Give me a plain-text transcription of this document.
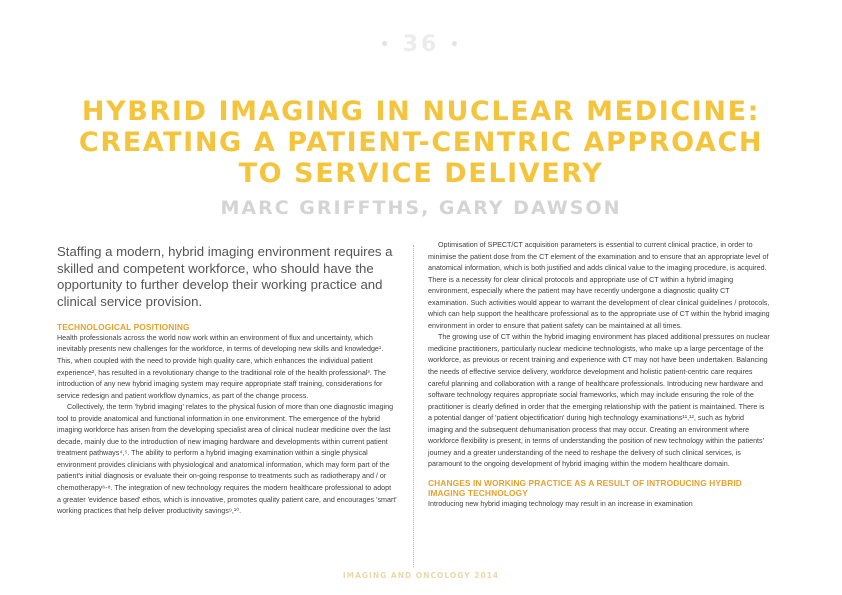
• 36 •
HYBRID IMAGING IN NUCLEAR MEDICINE:
CREATING A PATIENT-CENTRIC APPROACH
TO SERVICE DELIVERY
MARC GRIFFTHS, GARY DAWSON

Staffing a modern, hybrid imaging environment requires a skilled and competent workforce, who should have the opportunity to further develop their working practice and clinical service provision.

TECHNOLOGICAL POSITIONING

Health professionals across the world now work within an environment of flux and uncertainty, which inevitably presents new challenges for the workforce, in terms of developing new skills and knowledge¹. This, when coupled with the need to provide high quality care, which enhances the individual patient experience², has resulted in a revolutionary change to the traditional role of the health professional³. The introduction of any new hybrid imaging system may require appropriate staff training, considerations for service redesign and patient workflow dynamics, as part of the change process.

Collectively, the term 'hybrid imaging' relates to the physical fusion of more than one diagnostic imaging tool to provide anatomical and functional information in one environment. The emergence of the hybrid imaging workforce has arisen from the developing specialist area of clinical nuclear medicine over the last decade, mainly due to the introduction of new imaging hardware and developments within current patient treatment pathways⁴,⁵. The ability to perform a hybrid imaging examination within a single physical environment provides clinicians with physiological and anatomical information, which may form part of the patient's initial diagnosis or evaluate their on-going response to treatments such as radiotherapy and / or chemotherapy⁶-⁸. The integration of new technology requires the modern healthcare professional to adopt a greater 'evidence based' ethos, which is innovative, promotes quality patient care, and encourages 'smart' working practices that help deliver productivity savings⁹,¹⁰.

Optimisation of SPECT/CT acquisition parameters is essential to current clinical practice, in order to minimise the patient dose from the CT element of the examination and to ensure that an appropriate level of anatomical information, which is both justified and adds clinical value to the imaging procedure, is acquired. There is a necessity for clear clinical protocols and appropriate use of CT within a hybrid imaging environment, especially where the patient may have recently undergone a diagnostic quality CT examination. Such activities would appear to warrant the development of clear clinical guidelines / protocols, which can help support the healthcare professional as to the appropriate use of CT within the hybrid imaging environment in order to ensure that patient safety can be maintained at all times.

The growing use of CT within the hybrid imaging environment has placed additional pressures on nuclear medicine practitioners, particularly nuclear medicine technologists, who make up a large percentage of the workforce, as previous or recent training and experience with CT may not have been undertaken. Balancing the needs of effective service delivery, workforce development and holistic patient-centric care requires careful planning and collaboration with a range of healthcare professionals. Introducing new hardware and software technology requires appropriate social frameworks, which may include ensuring the role of the practitioner is clearly defined in order that the emerging relationship with the patient is maintained. There is a potential danger of 'patient objectification' during high technology examinations¹¹,¹², such as hybrid imaging and the subsequent dehumanisation process that may occur. Creating an environment where workforce flexibility is present, in terms of understanding the position of new technology within the patients' journey and a greater understanding of the need to reshape the delivery of such clinical services, is paramount to the ongoing development of hybrid imaging within the modern healthcare domain.

CHANGES IN WORKING PRACTICE AS A RESULT OF INTRODUCING HYBRID IMAGING TECHNOLOGY

Introducing new hybrid imaging technology may result in an increase in examination

IMAGING AND ONCOLOGY 2014
